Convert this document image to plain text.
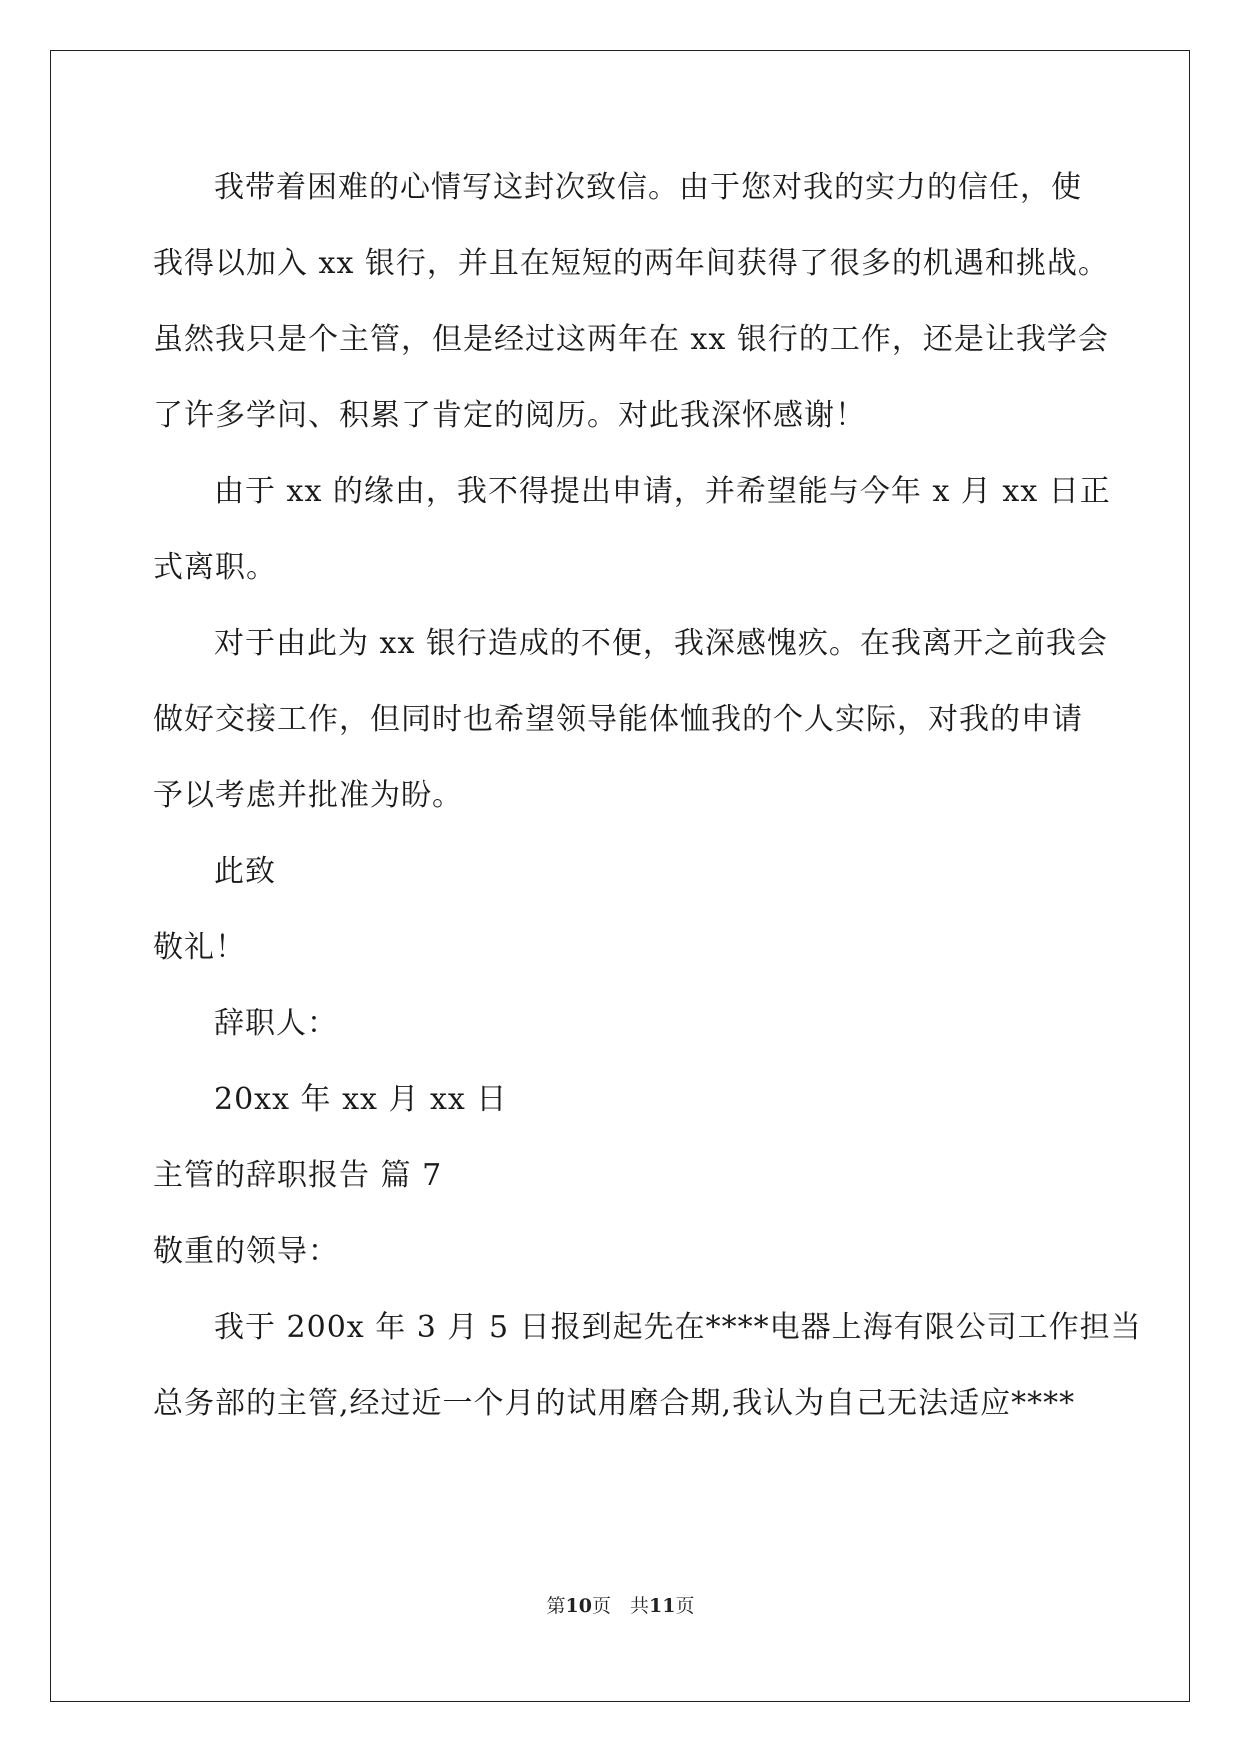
我带着困难的心情写这封次致信。由于您对我的实力的信任，使
我得以加入 xx 银行，并且在短短的两年间获得了很多的机遇和挑战。
虽然我只是个主管，但是经过这两年在 xx 银行的工作，还是让我学会
了许多学问、积累了肯定的阅历。对此我深怀感谢！
由于 xx 的缘由，我不得提出申请，并希望能与今年 x 月 xx 日正
式离职。
对于由此为 xx 银行造成的不便，我深感愧疚。在我离开之前我会
做好交接工作，但同时也希望领导能体恤我的个人实际，对我的申请
予以考虑并批准为盼。
此致
敬礼！
辞职人：
20xx 年 xx 月 xx 日
主管的辞职报告 篇 7
敬重的领导：
我于 200x 年 3 月 5 日报到起先在****电器上海有限公司工作担当
总务部的主管,经过近一个月的试用磨合期,我认为自己无法适应****
第10页　共11页
